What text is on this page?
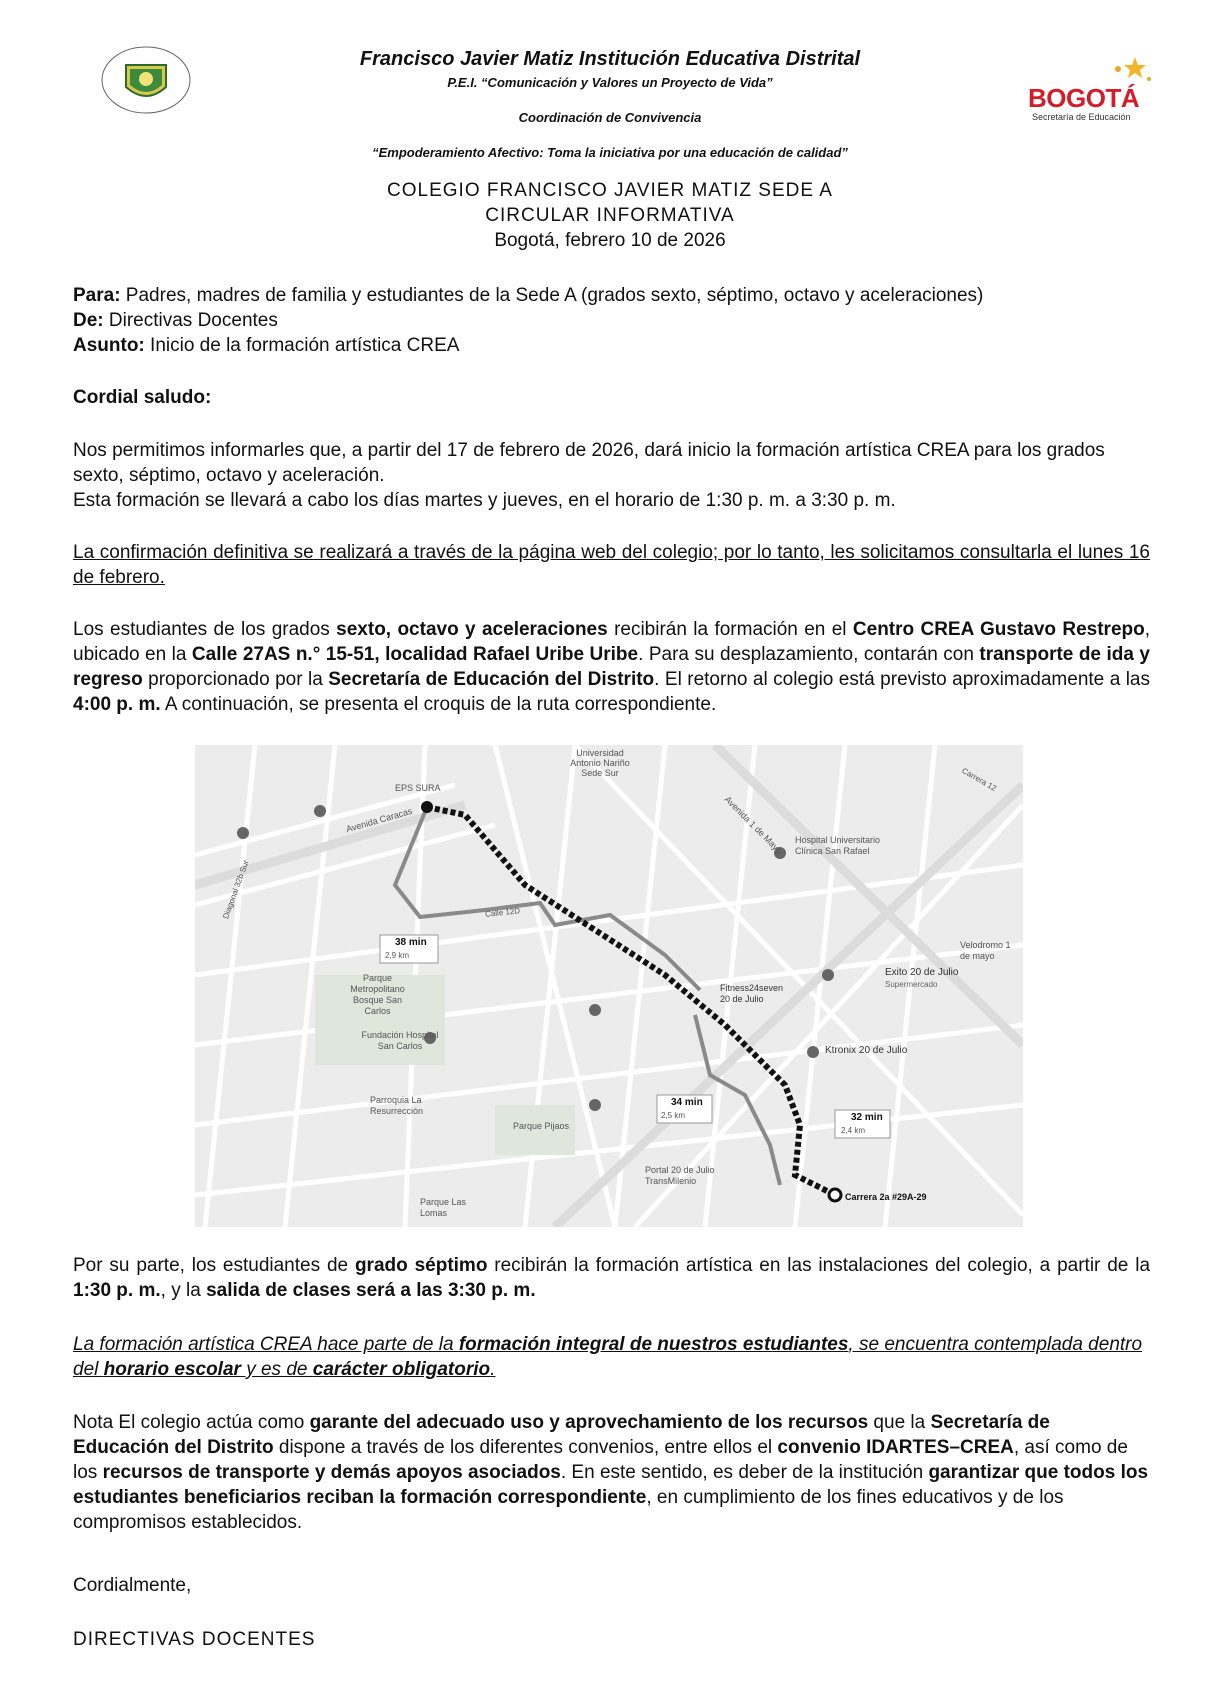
Francisco Javier Matiz Institución Educativa Distrital
P.E.I. “Comunicación y Valores un Proyecto de Vida”
Coordinación de Convivencia
“Empoderamiento Afectivo: Toma la iniciativa por una educación de calidad”
BOGOTÁ
Secretaría de Educación
COLEGIO FRANCISCO JAVIER MATIZ SEDE A
CIRCULAR INFORMATIVA
Bogotá, febrero 10 de 2026
Para: Padres, madres de familia y estudiantes de la Sede A (grados sexto, séptimo, octavo y aceleraciones)
De: Directivas Docentes
Asunto: Inicio de la formación artística CREA
Cordial saludo:
Nos permitimos informarles que, a partir del 17 de febrero de 2026, dará inicio la formación artística CREA para los grados sexto, séptimo, octavo y aceleración.
Esta formación se llevará a cabo los días martes y jueves, en el horario de 1:30 p. m. a 3:30 p. m.
La confirmación definitiva se realizará a través de la página web del colegio; por lo tanto, les solicitamos consultarla el lunes 16 de febrero.
Los estudiantes de los grados sexto, octavo y aceleraciones recibirán la formación en el Centro CREA Gustavo Restrepo, ubicado en la Calle 27AS n.° 15-51, localidad Rafael Uribe Uribe. Para su desplazamiento, contarán con transporte de ida y regreso proporcionado por la Secretaría de Educación del Distrito. El retorno al colegio está previsto aproximadamente a las 4:00 p. m. A continuación, se presenta el croquis de la ruta correspondiente.
Universidad Antonio Nariño Sede Sur
EPS SURA
Avenida Caracas
Hospital Universitario Clínica San Rafael
Avenida 1 de Mayo
Velodromo 1 de mayo
Exito 20 de Julio
Supermercado
Fitness24seven 20 de Julio
Ktronix 20 de Julio
Parque Metropolitano Bosque San Carlos
Fundación Hospital San Carlos
Parroquia La Resurrección
Parque Pijaos
Portal 20 de Julio TransMilenio
Parque Las Lomas
Carrera 2a #29A-29
Calle 12D
Diagonal 32b Sur
Carrera 12
38 min
2,9 km
34 min
2,5 km	32 min
2,4 km
Por su parte, los estudiantes de grado séptimo recibirán la formación artística en las instalaciones del colegio, a partir de la 1:30 p. m., y la salida de clases será a las 3:30 p. m.
La formación artística CREA hace parte de la formación integral de nuestros estudiantes, se encuentra contemplada dentro del horario escolar y es de carácter obligatorio.
Nota El colegio actúa como garante del adecuado uso y aprovechamiento de los recursos que la Secretaría de Educación del Distrito dispone a través de los diferentes convenios, entre ellos el convenio IDARTES–CREA, así como de los recursos de transporte y demás apoyos asociados. En este sentido, es deber de la institución garantizar que todos los estudiantes beneficiarios reciban la formación correspondiente, en cumplimiento de los fines educativos y de los compromisos establecidos.
Cordialmente,
DIRECTIVAS DOCENTES
